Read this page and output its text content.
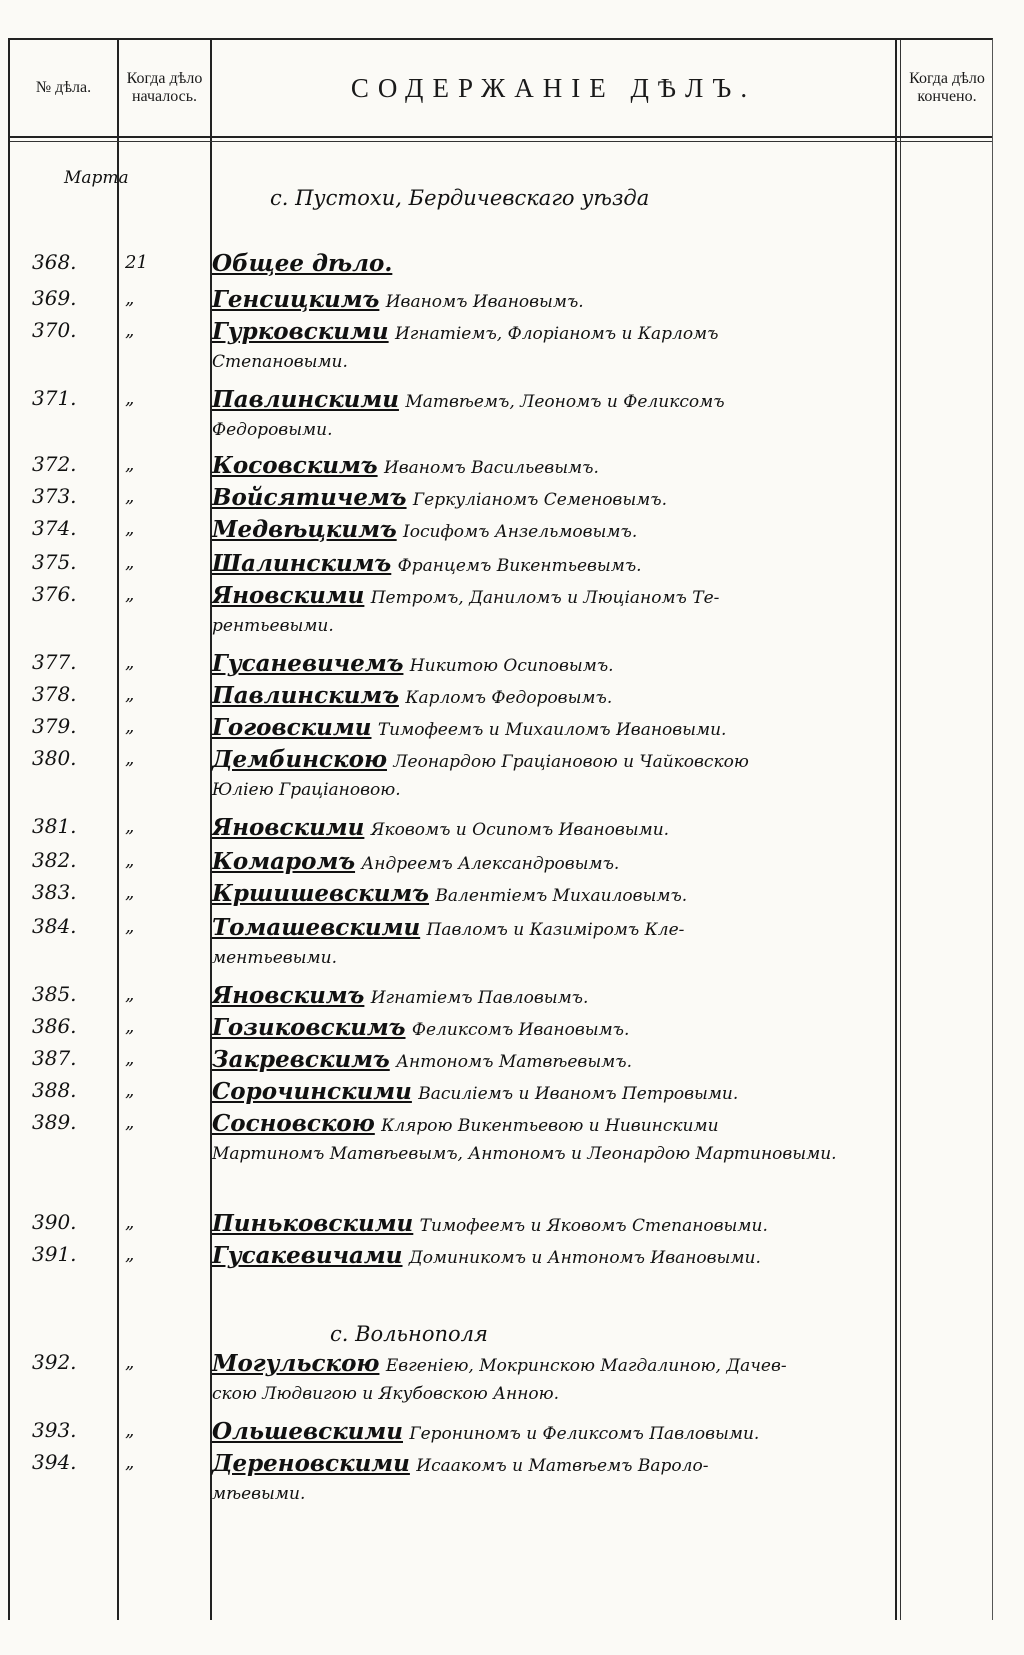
№ дѣла.
Когда дѣло началось.	СОДЕРЖАНІЕ ДѢЛЪ.	Когда дѣло кончено.
Марта
с. Пустохи, Бердичевскаго уѣзда
с. Вольнополя
368.	21	Общее дѣло.
369.	„	Генсицкимъ Иваномъ Ивановымъ.
370.	„	Гурковскими Игнатіемъ, Флоріаномъ и Карломъ
Степановыми.
371.	„	Павлинскими Матвѣемъ, Леономъ и Феликсомъ
Федоровыми.
372.	„	Косовскимъ Иваномъ Васильевымъ.
373.	„	Войсятичемъ Геркуліаномъ Семеновымъ.
374.	„	Медвѣцкимъ Іосифомъ Анзельмовымъ.
375.	„	Шалинскимъ Францемъ Викентьевымъ.
376.	„	Яновскими Петромъ, Даниломъ и Люціаномъ Те-
рентьевыми.
377.	„	Гусаневичемъ Никитою Осиповымъ.
378.	„	Павлинскимъ Карломъ Федоровымъ.
379.	„	Гоговскими Тимофеемъ и Михаиломъ Ивановыми.
380.	„	Дембинскою Леонардою Граціановою и Чайковскою
Юліею Граціановою.
381.	„	Яновскими Яковомъ и Осипомъ Ивановыми.
382.	„	Комаромъ Андреемъ Александровымъ.
383.	„	Кршишевскимъ Валентіемъ Михаиловымъ.
384.	„	Томашевскими Павломъ и Казиміромъ Кле-
ментьевыми.
385.	„	Яновскимъ Игнатіемъ Павловымъ.
386.	„	Гозиковскимъ Феликсомъ Ивановымъ.
387.	„	Закревскимъ Антономъ Матвѣевымъ.
388.	„	Сорочинскими Василіемъ и Иваномъ Петровыми.
389.	„	Сосновскою Клярою Викентьевою и Нивинскими
Мартиномъ Матвѣевымъ, Антономъ и Леонардою Мартиновыми.
390.	„	Пиньковскими Тимофеемъ и Яковомъ Степановыми.
391.	„	Гусакевичами Доминикомъ и Антономъ Ивановыми.
392.	„	Могульскою Евгеніею, Мокринскою Магдалиною, Дачев-
скою Людвигою и Якубовскою Анною.
393.	„	Ольшевскими Герониномъ и Феликсомъ Павловыми.
394.	„	Дереновскими Исаакомъ и Матвѣемъ Вароло-
мѣевыми.
